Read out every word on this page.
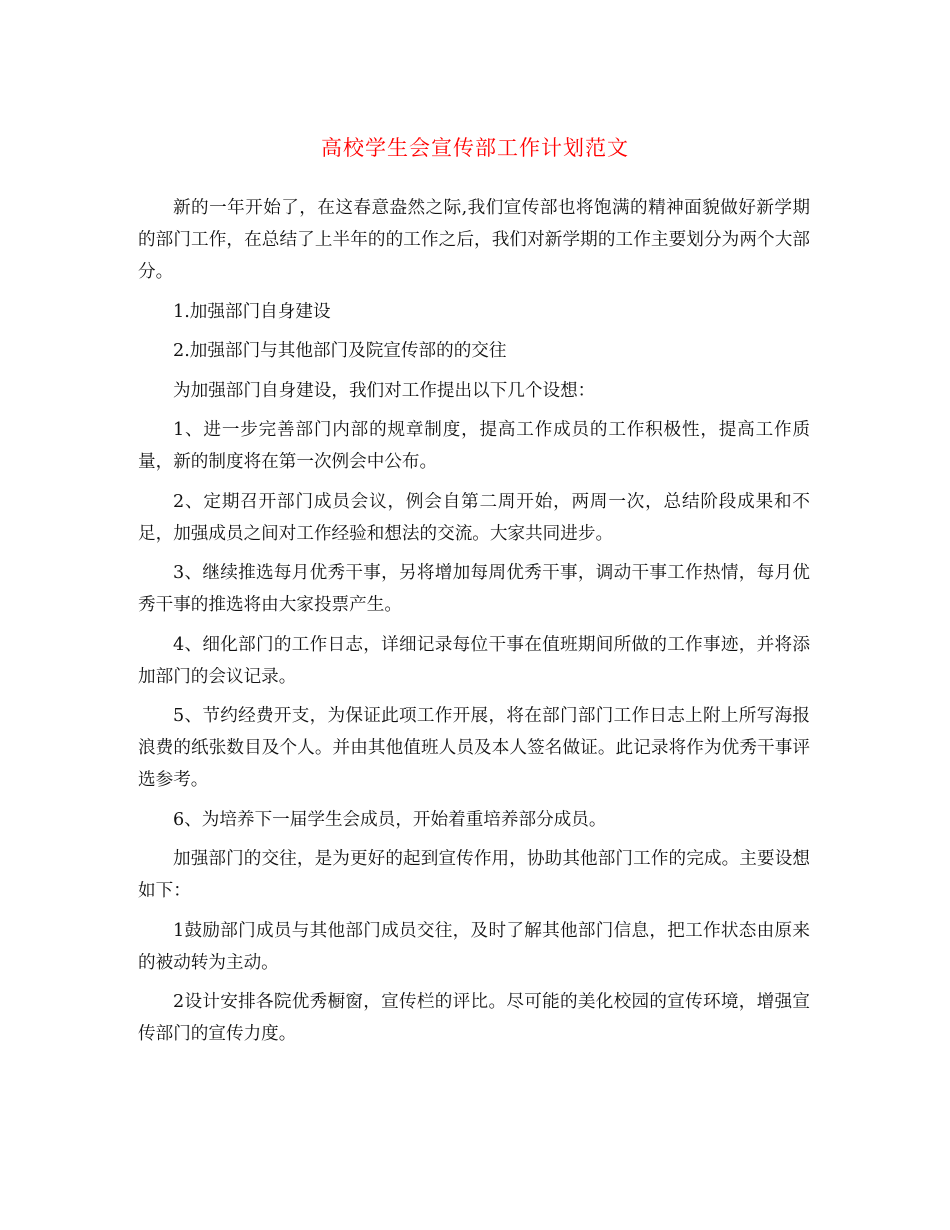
高校学生会宣传部工作计划范文

新的一年开始了，在这春意盎然之际,我们宣传部也将饱满的精神面貌做好新学期的部门工作，在总结了上半年的的工作之后，我们对新学期的工作主要划分为两个大部分。

1.加强部门自身建设

2.加强部门与其他部门及院宣传部的的交往

为加强部门自身建设，我们对工作提出以下几个设想：

1、进一步完善部门内部的规章制度，提高工作成员的工作积极性，提高工作质量，新的制度将在第一次例会中公布。

2、定期召开部门成员会议，例会自第二周开始，两周一次，总结阶段成果和不足，加强成员之间对工作经验和想法的交流。大家共同进步。

3、继续推选每月优秀干事，另将增加每周优秀干事，调动干事工作热情，每月优秀干事的推选将由大家投票产生。

4、细化部门的工作日志，详细记录每位干事在值班期间所做的工作事迹，并将添加部门的会议记录。

5、节约经费开支，为保证此项工作开展，将在部门部门工作日志上附上所写海报浪费的纸张数目及个人。并由其他值班人员及本人签名做证。此记录将作为优秀干事评选参考。

6、为培养下一届学生会成员，开始着重培养部分成员。

加强部门的交往，是为更好的起到宣传作用，协助其他部门工作的完成。主要设想如下：

1鼓励部门成员与其他部门成员交往，及时了解其他部门信息，把工作状态由原来的被动转为主动。

2设计安排各院优秀橱窗，宣传栏的评比。尽可能的美化校园的宣传环境，增强宣传部门的宣传力度。
